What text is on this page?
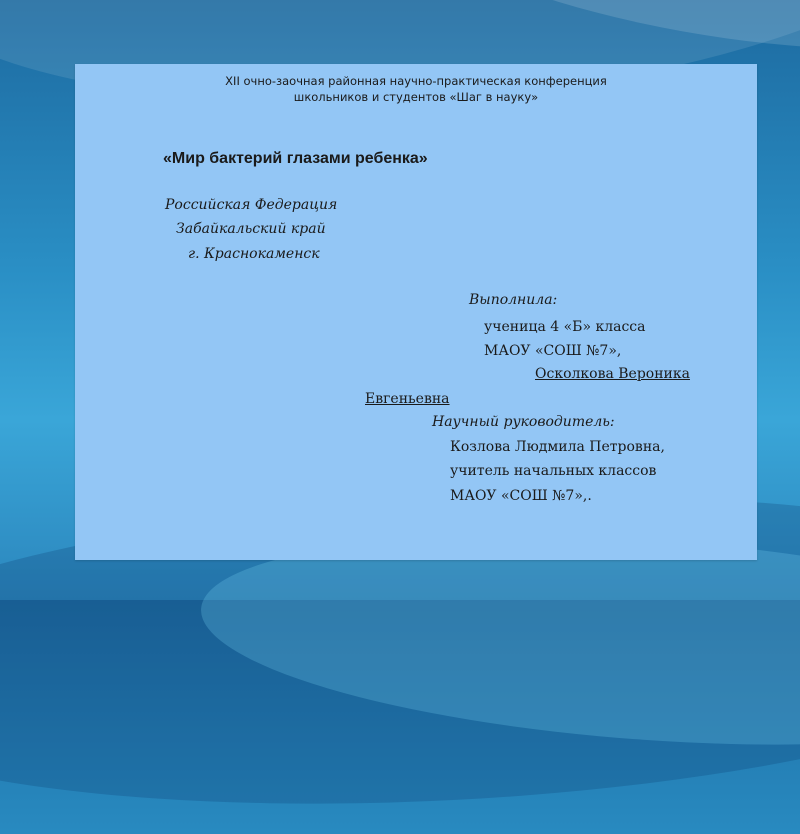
XII очно-заочная районная научно-практическая конференция
школьников и студентов «Шаг в науку»
«Мир бактерий глазами ребенка»
Российская Федерация
Забайкальский край
г. Краснокаменск
Выполнила:
ученица 4 «Б» класса
МАОУ «СОШ №7»,
Осколкова Вероника
Евгеньевна
Научный руководитель:
Козлова Людмила Петровна,
учитель начальных классов
МАОУ «СОШ №7»,.
